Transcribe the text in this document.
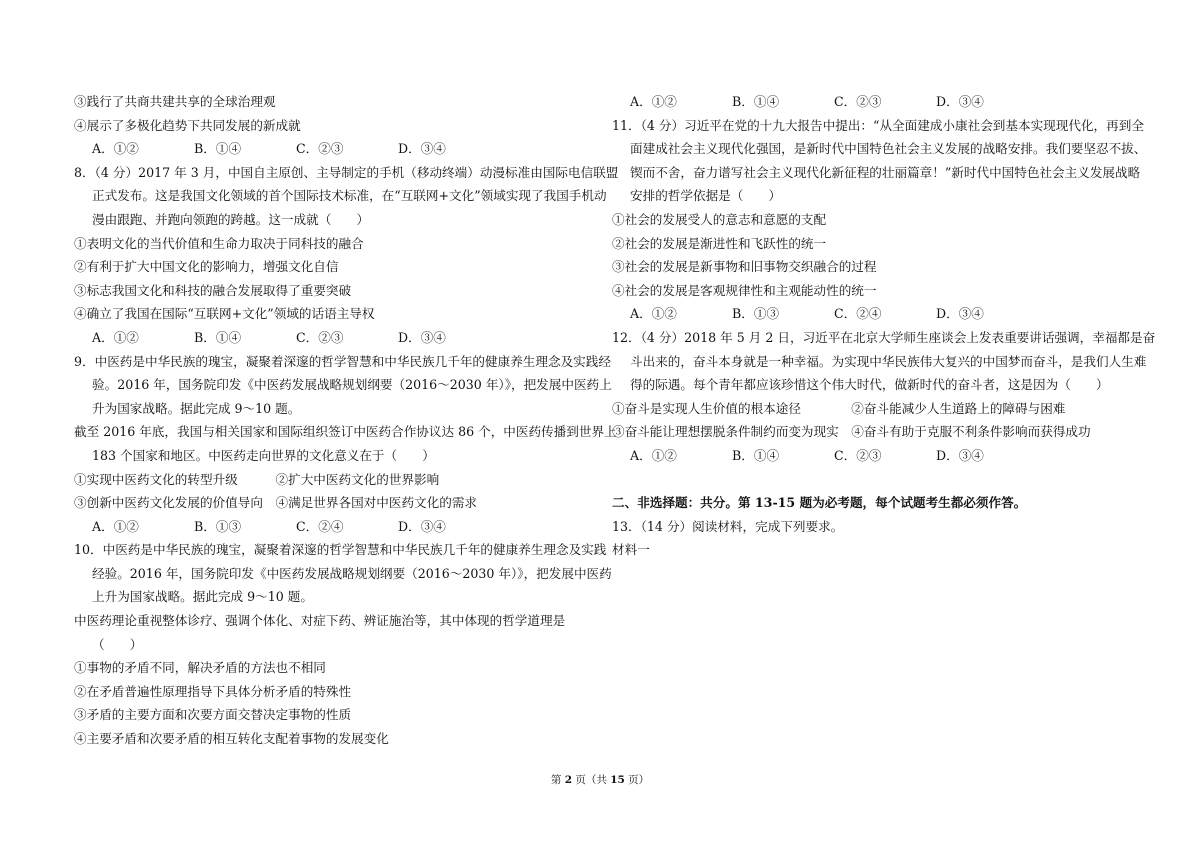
③践行了共商共建共享的全球治理观
④展示了多极化趋势下共同发展的新成就
A．①②	B．①④	C．②③	D．③④
8．（4 分）2017 年 3 月，中国自主原创、主导制定的手机（移动终端）动漫标准由国际电信联盟
正式发布。这是我国文化领域的首个国际技术标准，在“互联网+文化”领域实现了我国手机动
漫由跟跑、并跑向领跑的跨越。这一成就（　　）
①表明文化的当代价值和生命力取决于同科技的融合
②有利于扩大中国文化的影响力，增强文化自信
③标志我国文化和科技的融合发展取得了重要突破
④确立了我国在国际“互联网+文化”领域的话语主导权
A．①②	B．①④	C．②③	D．③④
9．中医药是中华民族的瑰宝，凝聚着深邃的哲学智慧和中华民族几千年的健康养生理念及实践经
验。2016 年，国务院印发《中医药发展战略规划纲要（2016～2030 年）》，把发展中医药上
升为国家战略。据此完成 9～10 题。
截至 2016 年底，我国与相关国家和国际组织签订中医药合作协议达 86 个，中医药传播到世界上
183 个国家和地区。中医药走向世界的文化意义在于（　　）
①实现中医药文化的转型升级　　　②扩大中医药文化的世界影响
③创新中医药文化发展的价值导向　④满足世界各国对中医药文化的需求
A．①②	B．①③	C．②④	D．③④
10．中医药是中华民族的瑰宝，凝聚着深邃的哲学智慧和中华民族几千年的健康养生理念及实践
经验。2016 年，国务院印发《中医药发展战略规划纲要（2016～2030 年）》，把发展中医药
上升为国家战略。据此完成 9～10 题。
中医药理论重视整体诊疗、强调个体化、对症下药、辨证施治等，其中体现的哲学道理是
（　　）
①事物的矛盾不同，解决矛盾的方法也不相同
②在矛盾普遍性原理指导下具体分析矛盾的特殊性
③矛盾的主要方面和次要方面交替决定事物的性质
④主要矛盾和次要矛盾的相互转化支配着事物的发展变化
A．①②	B．①④	C．②③	D．③④
11．（4 分）习近平在党的十九大报告中提出：“从全面建成小康社会到基本实现现代化，再到全
面建成社会主义现代化强国，是新时代中国特色社会主义发展的战略安排。我们要坚忍不拔、
锲而不舍，奋力谱写社会主义现代化新征程的壮丽篇章！”新时代中国特色社会主义发展战略
安排的哲学依据是（　　）
①社会的发展受人的意志和意愿的支配
②社会的发展是渐进性和飞跃性的统一
③社会的发展是新事物和旧事物交织融合的过程
④社会的发展是客观规律性和主观能动性的统一
A．①②	B．①③	C．②④	D．③④
12．（4 分）2018 年 5 月 2 日，习近平在北京大学师生座谈会上发表重要讲话强调，幸福都是奋
斗出来的，奋斗本身就是一种幸福。为实现中华民族伟大复兴的中国梦而奋斗，是我们人生难
得的际遇。每个青年都应该珍惜这个伟大时代，做新时代的奋斗者，这是因为（　　）
①奋斗是实现人生价值的根本途径　　　　②奋斗能减少人生道路上的障碍与困难
③奋斗能让理想摆脱条件制约而变为现实　④奋斗有助于克服不利条件影响而获得成功
A．①②	B．①④	C．②③	D．③④
二、非选择题：共分。第 13-15 题为必考题，每个试题考生都必须作答。
13．（14 分）阅读材料，完成下列要求。
材料一
第 2 页（共 15 页）
